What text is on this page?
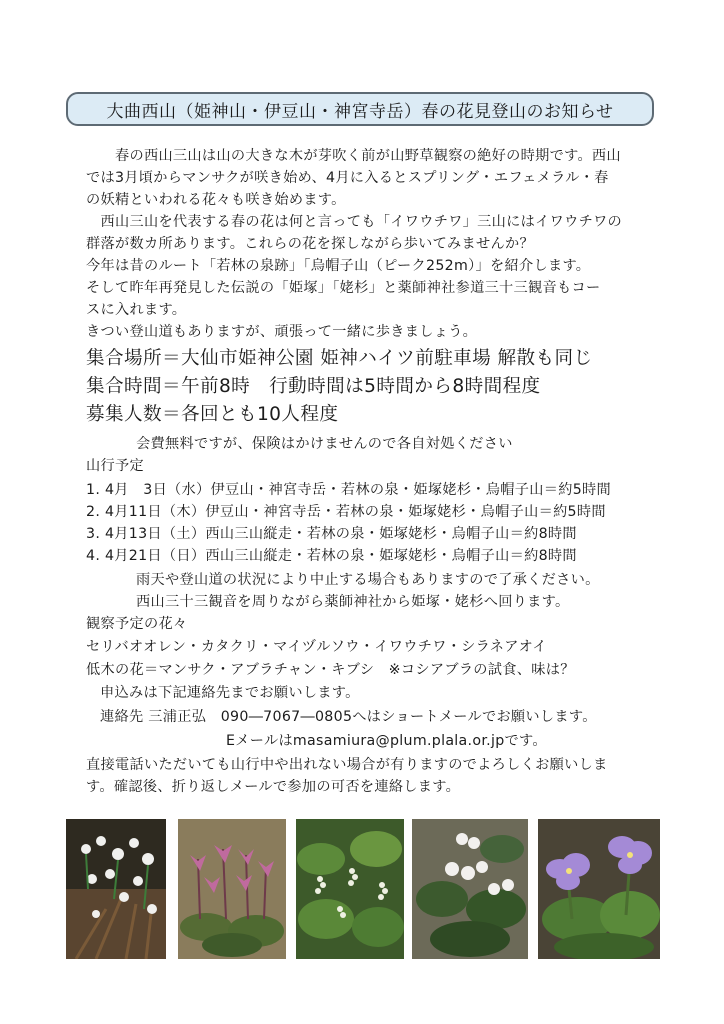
大曲西山（姫神山・伊豆山・神宮寺岳）春の花見登山のお知らせ
　　春の西山三山は山の大きな木が芽吹く前が山野草観察の絶好の時期です。西山
では3月頃からマンサクが咲き始め、4月に入るとスプリング・エフェメラル・春
の妖精といわれる花々も咲き始めます。
　西山三山を代表する春の花は何と言っても「イワウチワ」三山にはイワウチワの
群落が数カ所あります。これらの花を探しながら歩いてみませんか？
今年は昔のルート「若林の泉跡」「烏帽子山（ピーク252m）」を紹介します。
そして昨年再発見した伝説の「姫塚」「姥杉」と薬師神社参道三十三観音もコー
スに入れます。
きつい登山道もありますが、頑張って一緒に歩きましょう。
集合場所＝大仙市姫神公園 姫神ハイツ前駐車場 解散も同じ
集合時間＝午前8時　行動時間は5時間から8時間程度
募集人数＝各回とも10人程度
会費無料ですが、保険はかけませんので各自対処ください
山行予定
1. 4月　3日（水）伊豆山・神宮寺岳・若林の泉・姫塚姥杉・烏帽子山＝約5時間
2. 4月11日（木）伊豆山・神宮寺岳・若林の泉・姫塚姥杉・烏帽子山＝約5時間
3. 4月13日（土）西山三山縦走・若林の泉・姫塚姥杉・烏帽子山＝約8時間
4. 4月21日（日）西山三山縦走・若林の泉・姫塚姥杉・烏帽子山＝約8時間
雨天や登山道の状況により中止する場合もありますので了承ください。
西山三十三観音を周りながら薬師神社から姫塚・姥杉へ回ります。
観察予定の花々
セリバオオレン・カタクリ・マイヅルソウ・イワウチワ・シラネアオイ
低木の花＝マンサク・アブラチャン・キブシ　※コシアブラの試食、味は？
申込みは下記連絡先までお願いします。
連絡先 三浦正弘　090―7067―0805へはショートメールでお願いします。
Eメールはmasamiura@plum.plala.or.jpです。
直接電話いただいても山行中や出れない場合が有りますのでよろしくお願いしま
す。確認後、折り返しメールで参加の可否を連絡します。
